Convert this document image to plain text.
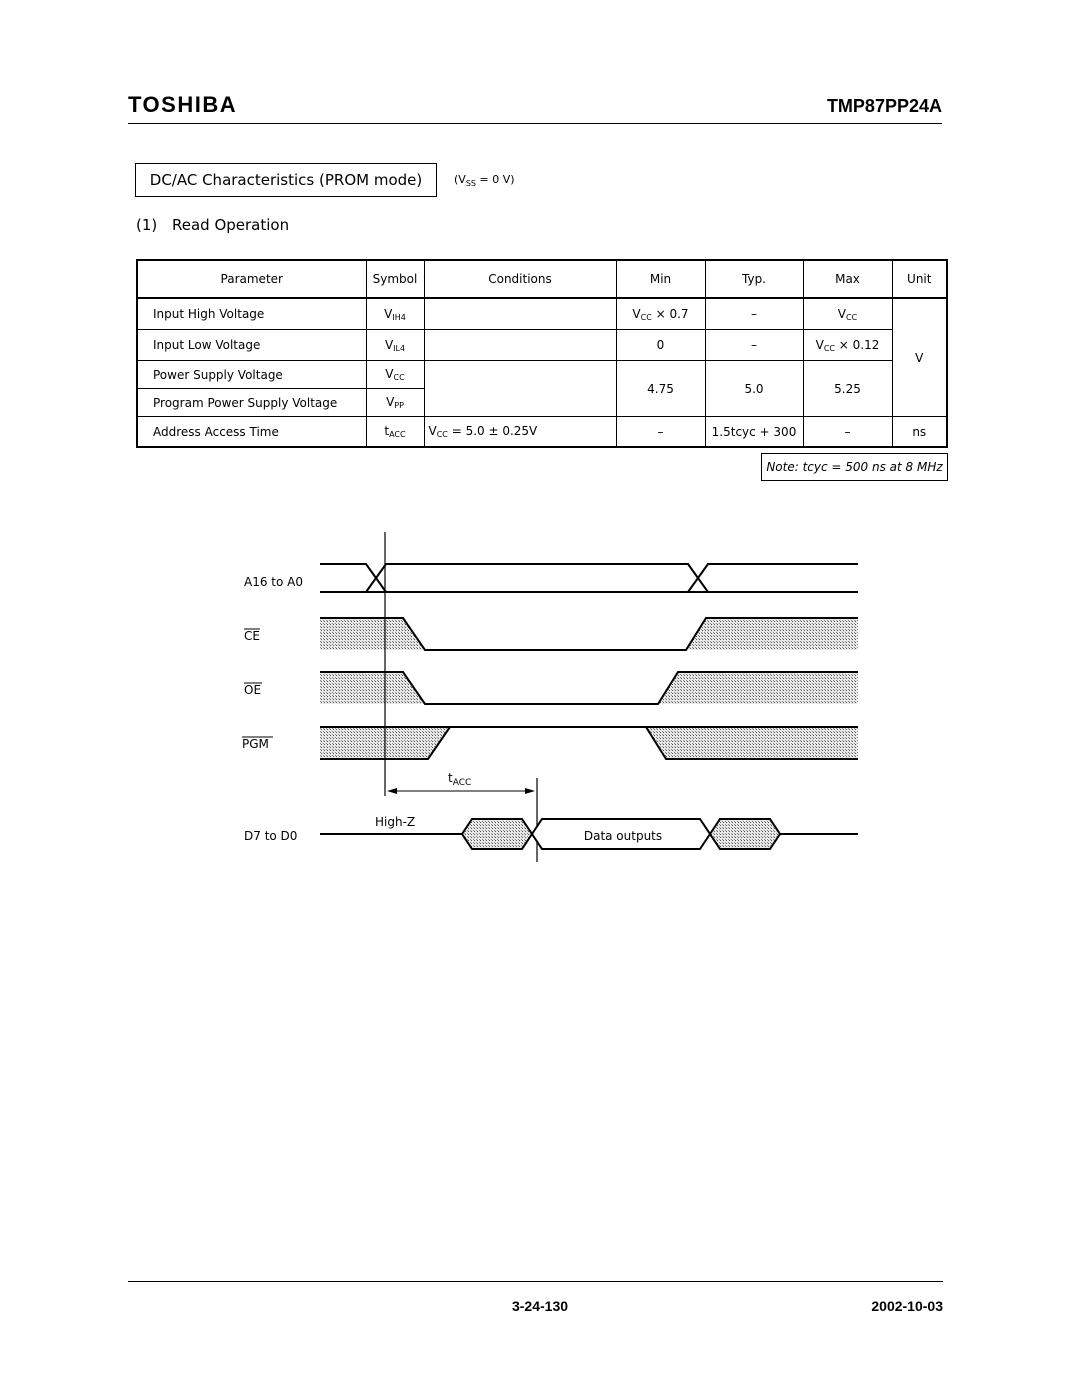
TOSHIBA	TMP87PP24A
DC/AC Characteristics (PROM mode)	($V_{SS} = 0$ V)
(1) Read Operation
Parameter	Symbol	Conditions	Min	Typ.	Max	Unit
Input High Voltage	$V_{IH4}$		$V_{CC} \times 0.7$	–	$V_{CC}$	V
Input Low Voltage	$V_{IL4}$		0	–	$V_{CC} \times 0.12$	
Power Supply Voltage	$V_{CC}$		4.75	5.0	5.25	
Program Power Supply Voltage	$V_{PP}$
Address Access Time	$t_{ACC}$	$V_{CC} = 5.0 \pm 0.25V$	–	1.5tcyc + 300	–	ns
Note: tcyc = 500 ns at 8 MHz
A16 to A0
CE
OE
PGM
D7 to D0
$t_{ACC}$
High-Z
Data outputs
3-24-130	2002-10-03
